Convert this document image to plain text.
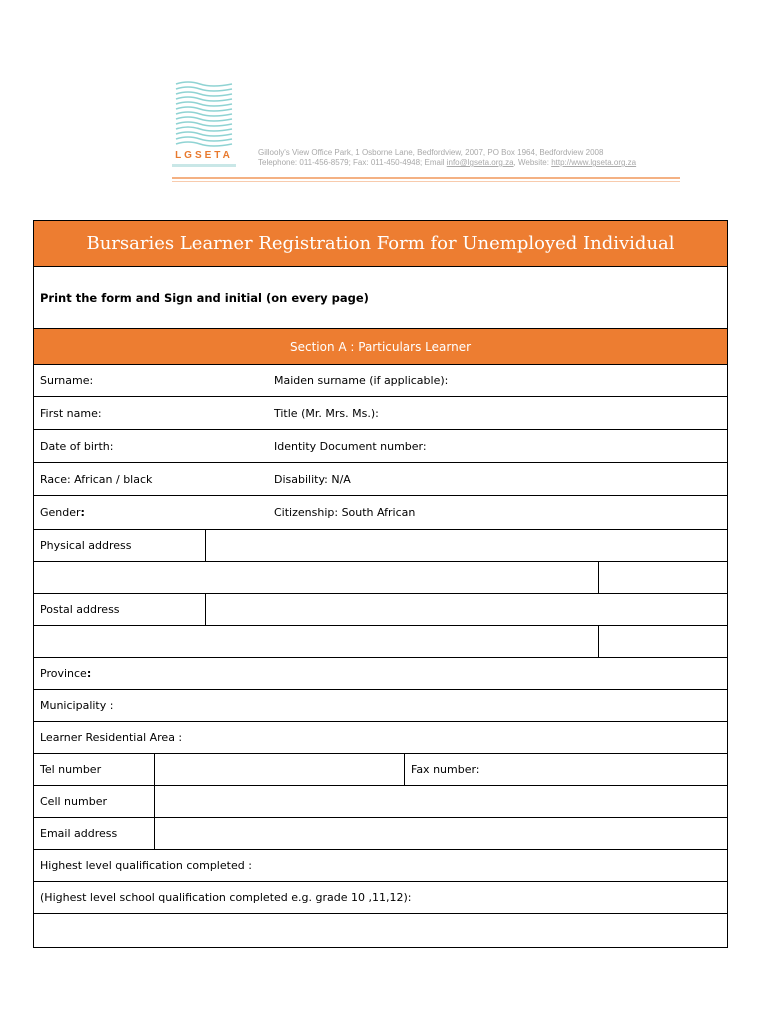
LGSETA	Gillooly's View Office Park, 1 Osborne Lane, Bedfordview, 2007, PO Box 1964, Bedfordview 2008
Telephone: 011-456-8579; Fax: 011-450-4948; Email info@lgseta.org.za, Website: http://www.lgseta.org.za
Bursaries Learner Registration Form for Unemployed Individual
Print the form and Sign and initial (on every page)
Section A : Particulars Learner
Surname:	Maiden surname (if applicable):
First name:	Title (Mr. Mrs. Ms.):
Date of birth:	Identity Document number:
Race: African / black	Disability: N/A
Gender :	Citizenship: South African
Physical address
Postal address
Province :
Municipality :
Learner Residential Area :
Tel number	Fax number:
Cell number
Email address
Highest level qualification completed :
(Highest level school qualification completed e.g. grade 10 ,11,12):
